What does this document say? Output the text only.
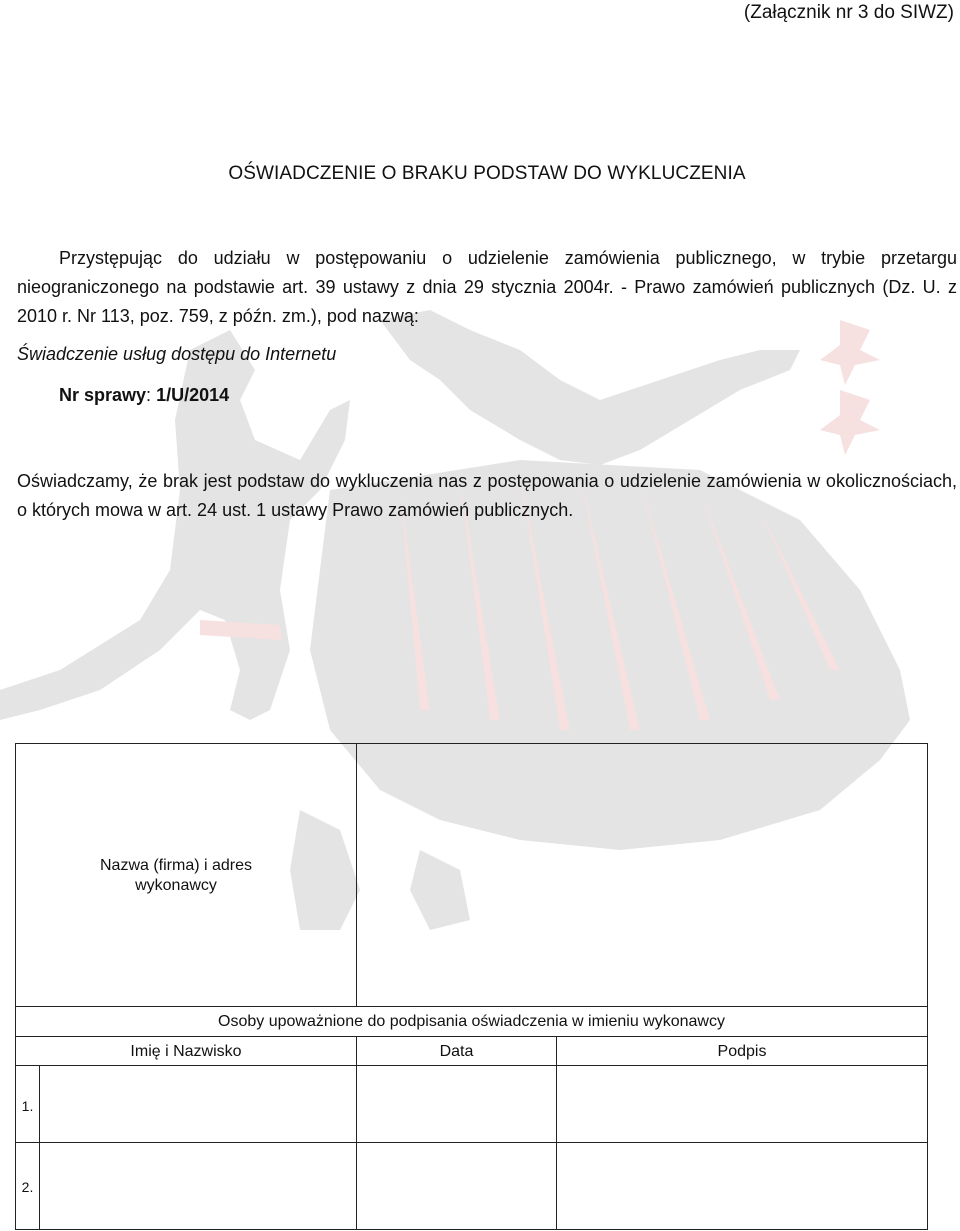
(Załącznik nr 3 do SIWZ)
OŚWIADCZENIE O BRAKU PODSTAW DO WYKLUCZENIA

Przystępując do udziału w postępowaniu o udzielenie zamówienia publicznego, w trybie przetargu nieograniczonego na podstawie art. 39 ustawy z dnia 29 stycznia 2004r. - Prawo zamówień publicznych (Dz. U. z 2010 r. Nr 113, poz. 759, z późn. zm.), pod nazwą:

Świadczenie usług dostępu do Internetu
Nr sprawy: 1/U/2014

Oświadczamy, że brak jest podstaw do wykluczenia nas z postępowania o udzielenie zamówienia w okolicznościach, o których mowa w art. 24 ust. 1 ustawy Prawo zamówień publicznych.

Nazwa (firma) i adres wykonawcy
Osoby upoważnione do podpisania oświadczenia w imieniu wykonawcy
Imię i Nazwisko	Data	Podpis
1.
2.
